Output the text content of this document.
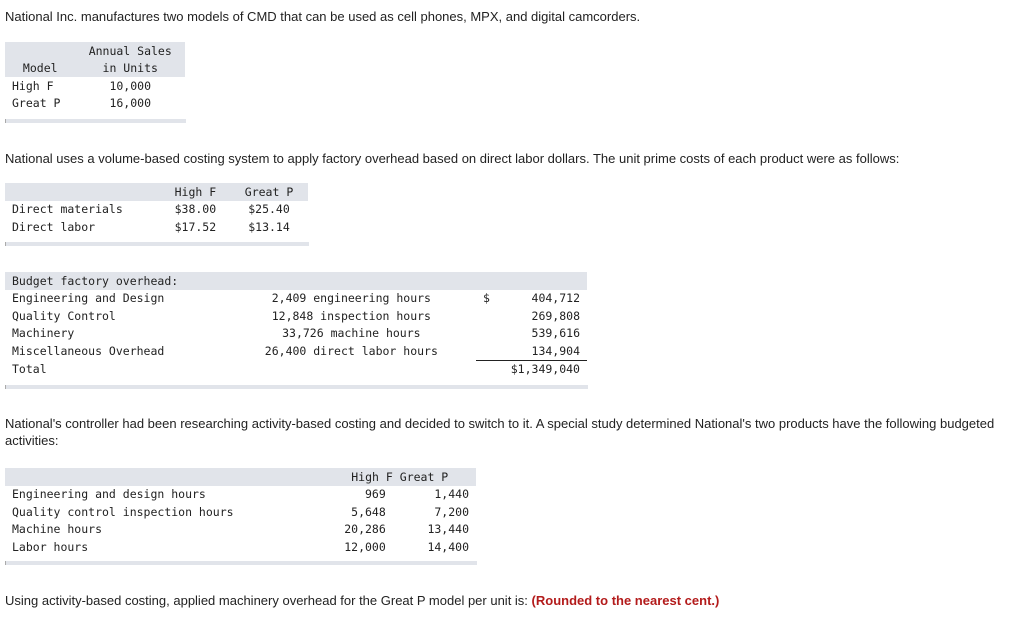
National Inc. manufactures two models of CMD that can be used as cell phones, MPX, and digital camcorders.
	Annual Sales
Model	in Units
High F	10,000
Great P	16,000
National uses a volume-based costing system to apply factory overhead based on direct labor dollars. The unit prime costs of each product were as follows:
	High F	Great P
Direct materials	$38.00	$25.40
Direct labor	$17.52	$13.14
Budget factory overhead:			
Engineering and Design	2,409 engineering hours	$	404,712
Quality Control	12,848 inspection hours		269,808
Machinery	33,726 machine hours		539,616
Miscellaneous Overhead	26,400 direct labor hours		134,904
Total		$1,349,040	
National's controller had been researching activity-based costing and decided to switch to it. A special study determined National's two products have the following budgeted activities:
	High F	Great P
Engineering and design hours	969	1,440
Quality control inspection hours	5,648	7,200
Machine hours	20,286	13,440
Labor hours	12,000	14,400
Using activity-based costing, applied machinery overhead for the Great P model per unit is: (Rounded to the nearest cent.)
